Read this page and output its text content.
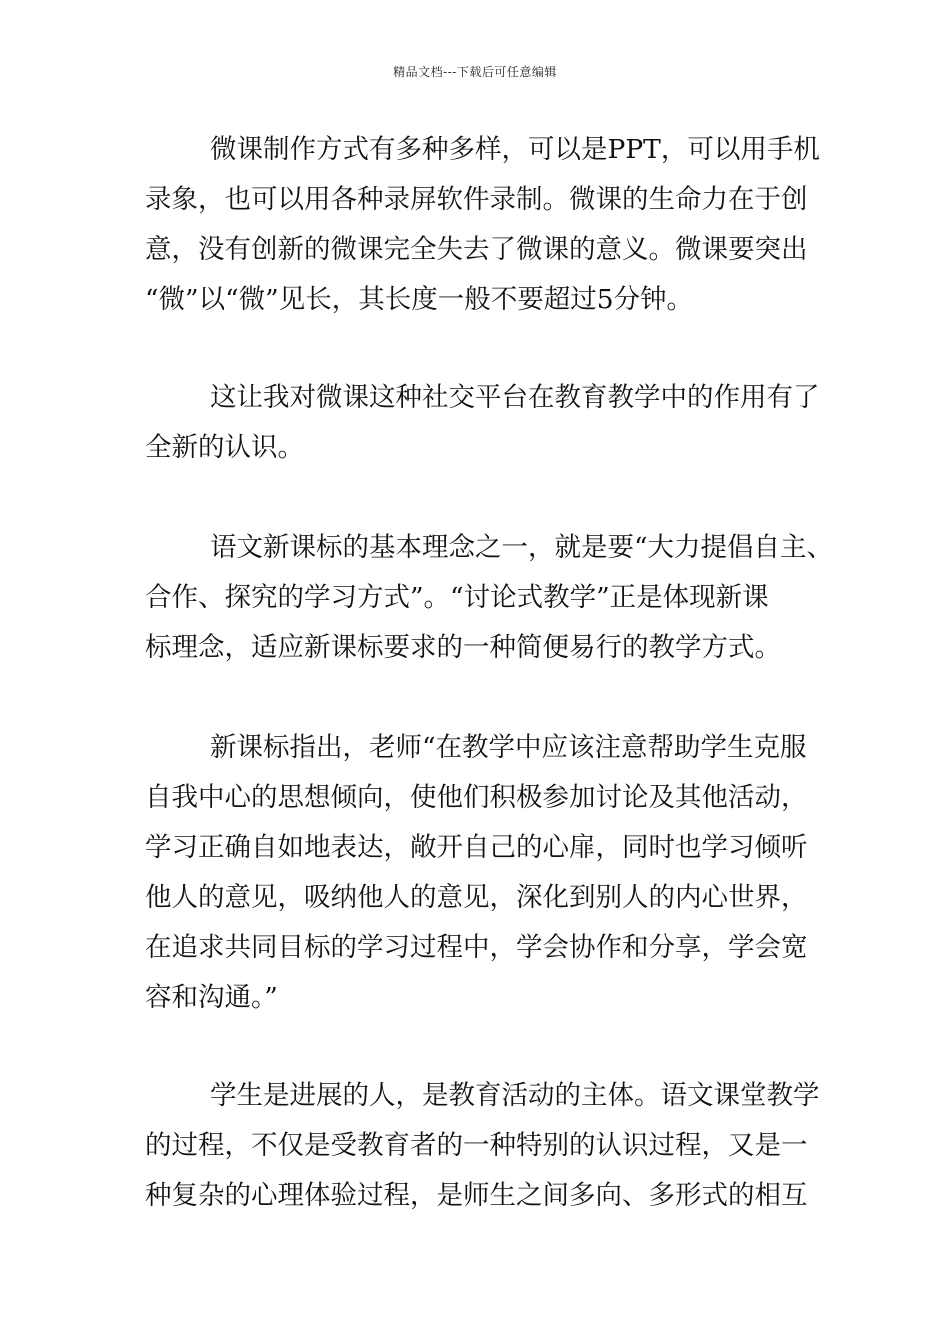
精品文档---下载后可任意编辑
微课制作方式有多种多样，可以是PPT，可以用手机
录象，也可以用各种录屏软件录制。微课的生命力在于创
意，没有创新的微课完全失去了微课的意义。微课要突出
“微”以“微”见长，其长度一般不要超过5分钟。
这让我对微课这种社交平台在教育教学中的作用有了
全新的认识。
语文新课标的基本理念之一，就是要“大力提倡自主、
合作、探究的学习方式”。“讨论式教学”正是体现新课
标理念，适应新课标要求的一种简便易行的教学方式。
新课标指出，老师“在教学中应该注意帮助学生克服
自我中心的思想倾向，使他们积极参加讨论及其他活动，
学习正确自如地表达，敞开自己的心扉，同时也学习倾听
他人的意见，吸纳他人的意见，深化到别人的内心世界，
在追求共同目标的学习过程中，学会协作和分享，学会宽
容和沟通。”
学生是进展的人，是教育活动的主体。语文课堂教学
的过程，不仅是受教育者的一种特别的认识过程，又是一
种复杂的心理体验过程，是师生之间多向、多形式的相互
